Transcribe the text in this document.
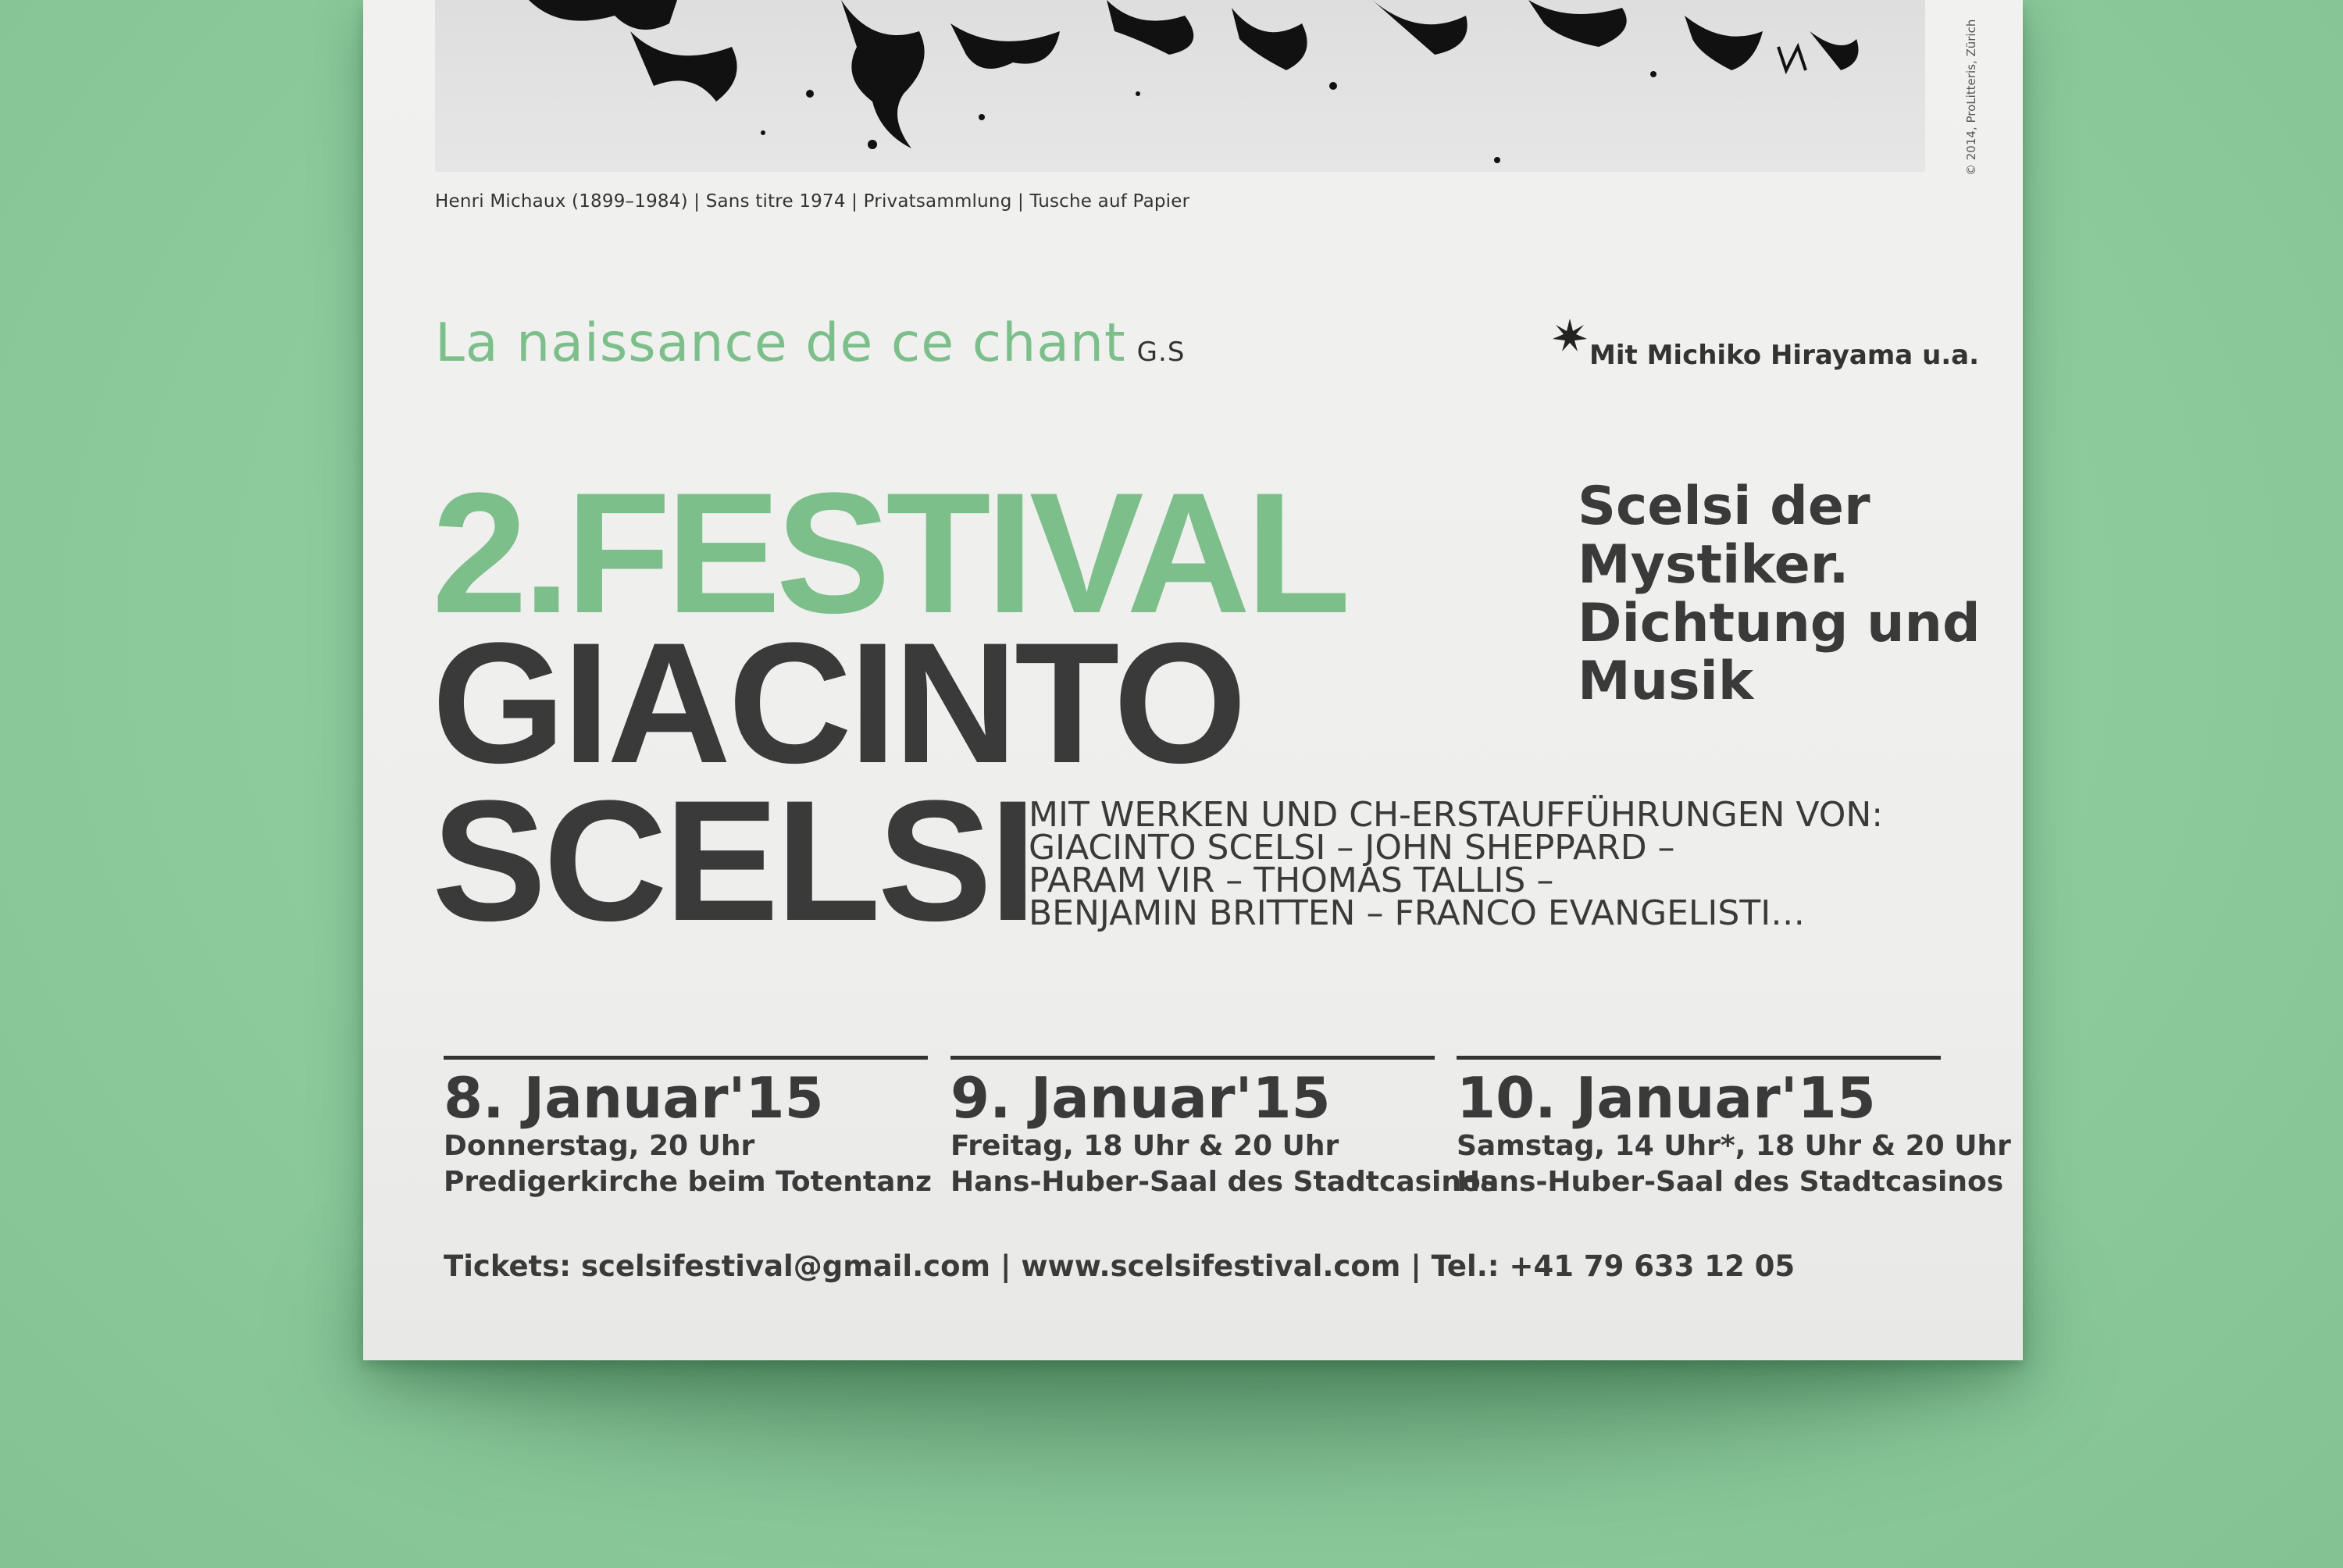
Henri Michaux (1899–1984) | Sans titre 1974 | Privatsammlung | Tusche auf Papier
© 2014, ProLitteris, Zürich
La naissance de ce chant G.S	Mit Michiko Hirayama u.a.
2.FESTIVAL
GIACINTO
SCELSI
Scelsi der
Mystiker.
Dichtung und
Musik
MIT WERKEN UND CH-ERSTAUFFÜHRUNGEN VON:
GIACINTO SCELSI – JOHN SHEPPARD –
PARAM VIR – THOMAS TALLIS –
BENJAMIN BRITTEN – FRANCO EVANGELISTI…
8. Januar'15
Donnerstag, 20 Uhr
Predigerkirche beim Totentanz
9. Januar'15
Freitag, 18 Uhr & 20 Uhr
Hans-Huber-Saal des Stadtcasinos
10. Januar'15
Samstag, 14 Uhr*, 18 Uhr & 20 Uhr
Hans-Huber-Saal des Stadtcasinos
Tickets: scelsifestival@gmail.com | www.scelsifestival.com | Tel.: +41 79 633 12 05
